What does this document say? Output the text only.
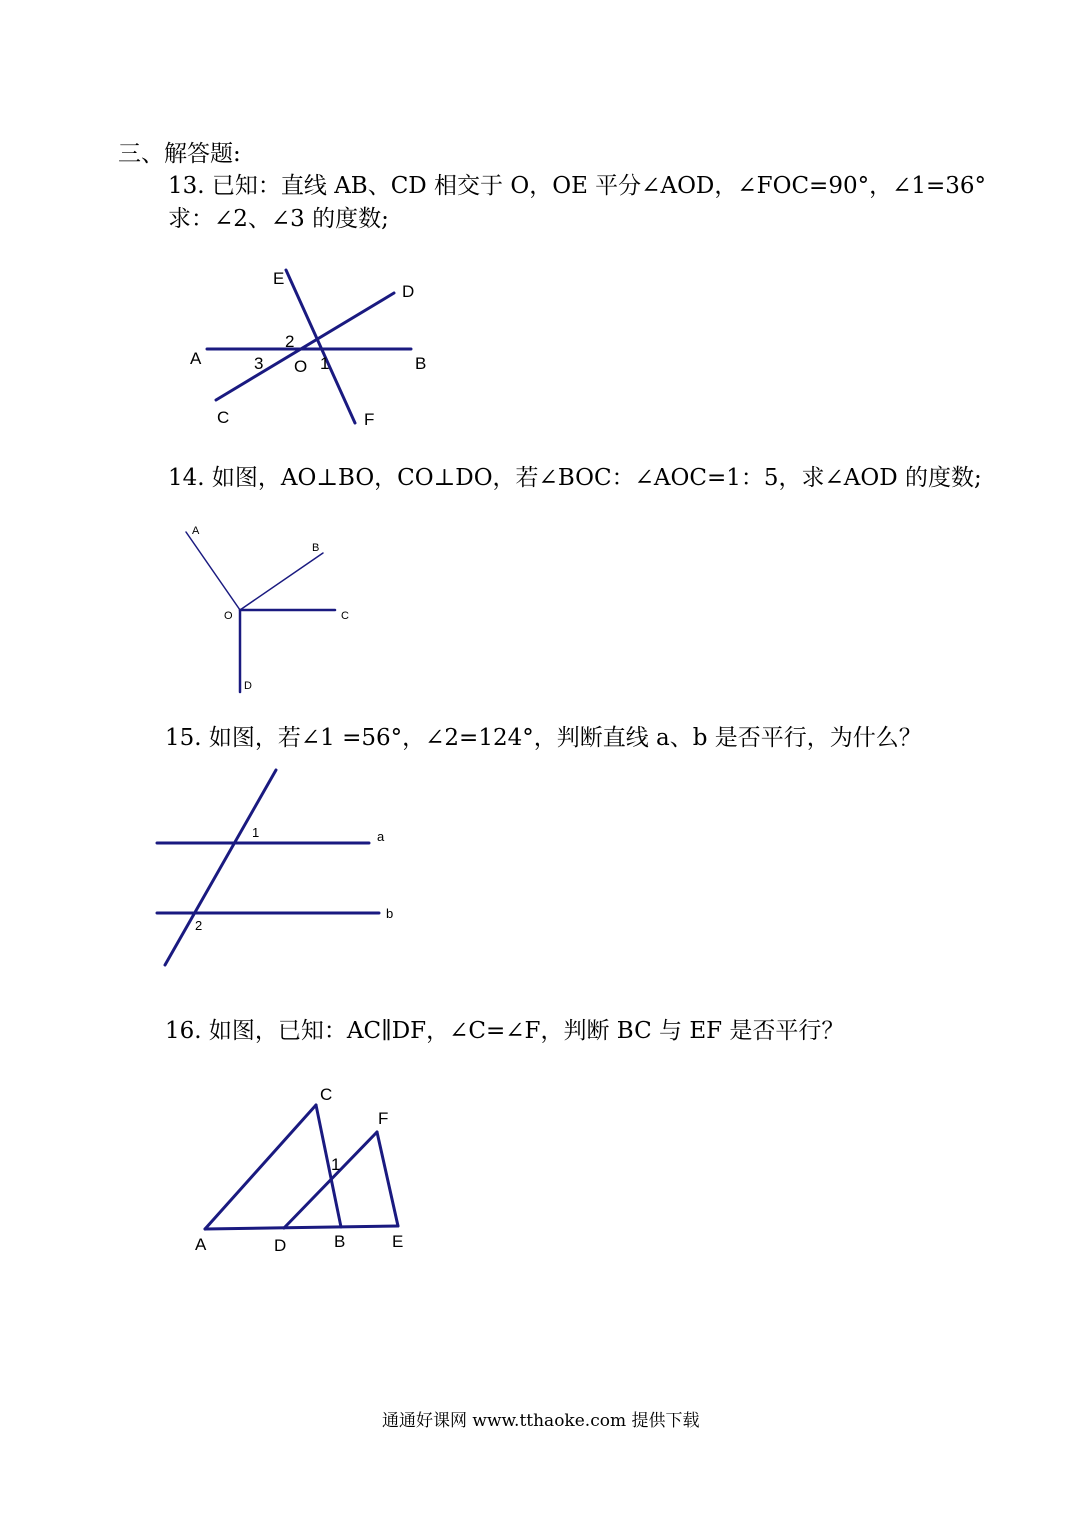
三、解答题:
13. 已知：直线 AB、CD 相交于 O，OE 平分∠AOD，∠FOC=90°，∠1=36°
求：∠2、∠3 的度数;
14. 如图，AO⊥BO，CO⊥DO，若∠BOC：∠AOC=1：5，求∠AOD 的度数;
15. 如图，若∠1 =56°，∠2=124°，判断直线 a、b 是否平行，为什么？
16. 如图，已知：AC∥DF，∠C=∠F，判断 BC 与 EF 是否平行？
通通好课网 www.tthaoke.com 提供下载
E
D
2
A	3 O 1	B
C	F
A
B
O	C
D
1	a
b
2
C
F
1
A	D	B	E
